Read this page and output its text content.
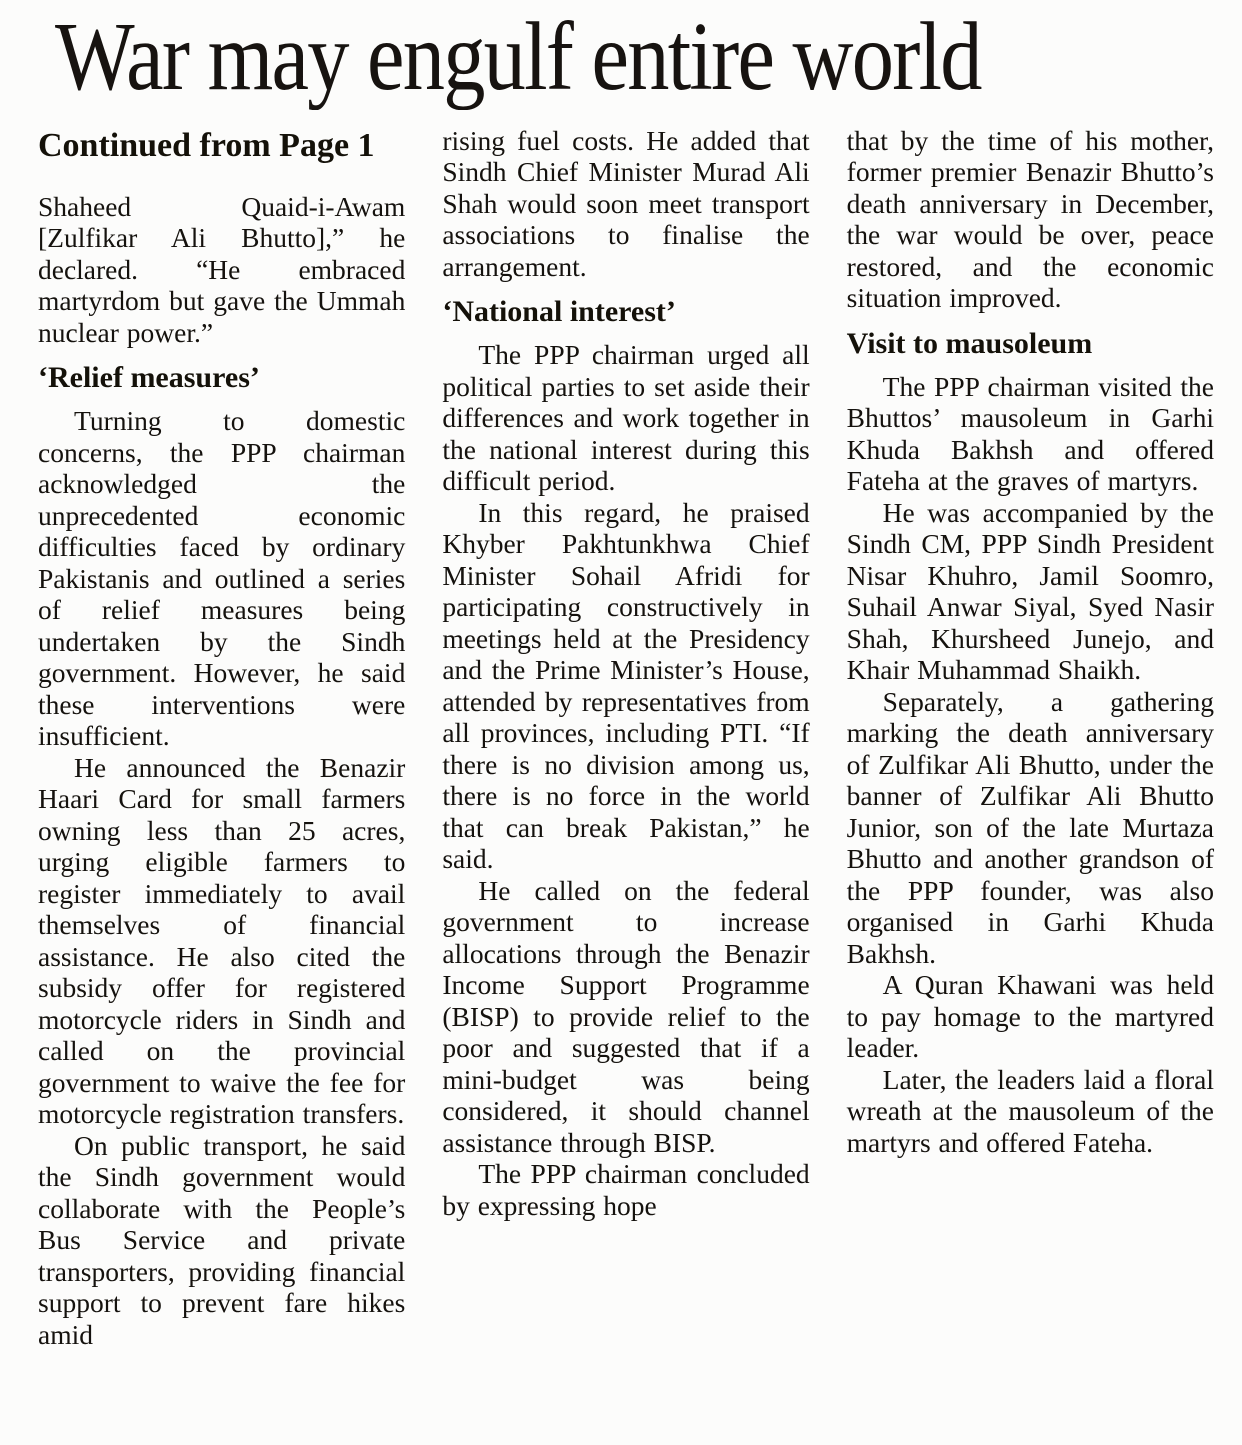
War may engulf entire world
Continued from Page 1

Shaheed Quaid-i-Awam [Zulfikar Ali Bhutto],” he declared. “He embraced martyrdom but gave the Ummah nuclear power.”

‘Relief measures’

Turning to domestic concerns, the PPP chairman acknowledged the unprecedented economic difficulties faced by ordinary Pakistanis and outlined a series of relief measures being undertaken by the Sindh government. However, he said these interventions were insufficient.

He announced the Benazir Haari Card for small farmers owning less than 25 acres, urging eligible farmers to register immediately to avail themselves of financial assistance. He also cited the subsidy offer for registered motorcycle riders in Sindh and called on the provincial government to waive the fee for motorcycle registration transfers.

On public transport, he said the Sindh government would collaborate with the People’s Bus Service and private transporters, providing financial support to prevent fare hikes amid

rising fuel costs. He added that Sindh Chief Minister Murad Ali Shah would soon meet transport associations to finalise the arrangement.

‘National interest’

The PPP chairman urged all political parties to set aside their differences and work together in the national interest during this difficult period.

In this regard, he praised Khyber Pakhtunkhwa Chief Minister Sohail Afridi for participating constructively in meetings held at the Presidency and the Prime Minister’s House, attended by representatives from all provinces, including PTI. “If there is no division among us, there is no force in the world that can break Pakistan,” he said.

He called on the federal government to increase allocations through the Benazir Income Support Programme (BISP) to provide relief to the poor and suggested that if a mini-budget was being considered, it should channel assistance through BISP.

The PPP chairman concluded by expressing hope

that by the time of his mother, former premier Benazir Bhutto’s death anniversary in December, the war would be over, peace restored, and the economic situation improved.

Visit to mausoleum

The PPP chairman visited the Bhuttos’ mausoleum in Garhi Khuda Bakhsh and offered Fateha at the graves of martyrs.

He was accompanied by the Sindh CM, PPP Sindh President Nisar Khuhro, Jamil Soomro, Suhail Anwar Siyal, Syed Nasir Shah, Khursheed Junejo, and Khair Muhammad Shaikh.

Separately, a gathering marking the death anniversary of Zulfikar Ali Bhutto, under the banner of Zulfikar Ali Bhutto Junior, son of the late Murtaza Bhutto and another grandson of the PPP founder, was also organised in Garhi Khuda Bakhsh.

A Quran Khawani was held to pay homage to the martyred leader.

Later, the leaders laid a floral wreath at the mausoleum of the martyrs and offered Fateha.
